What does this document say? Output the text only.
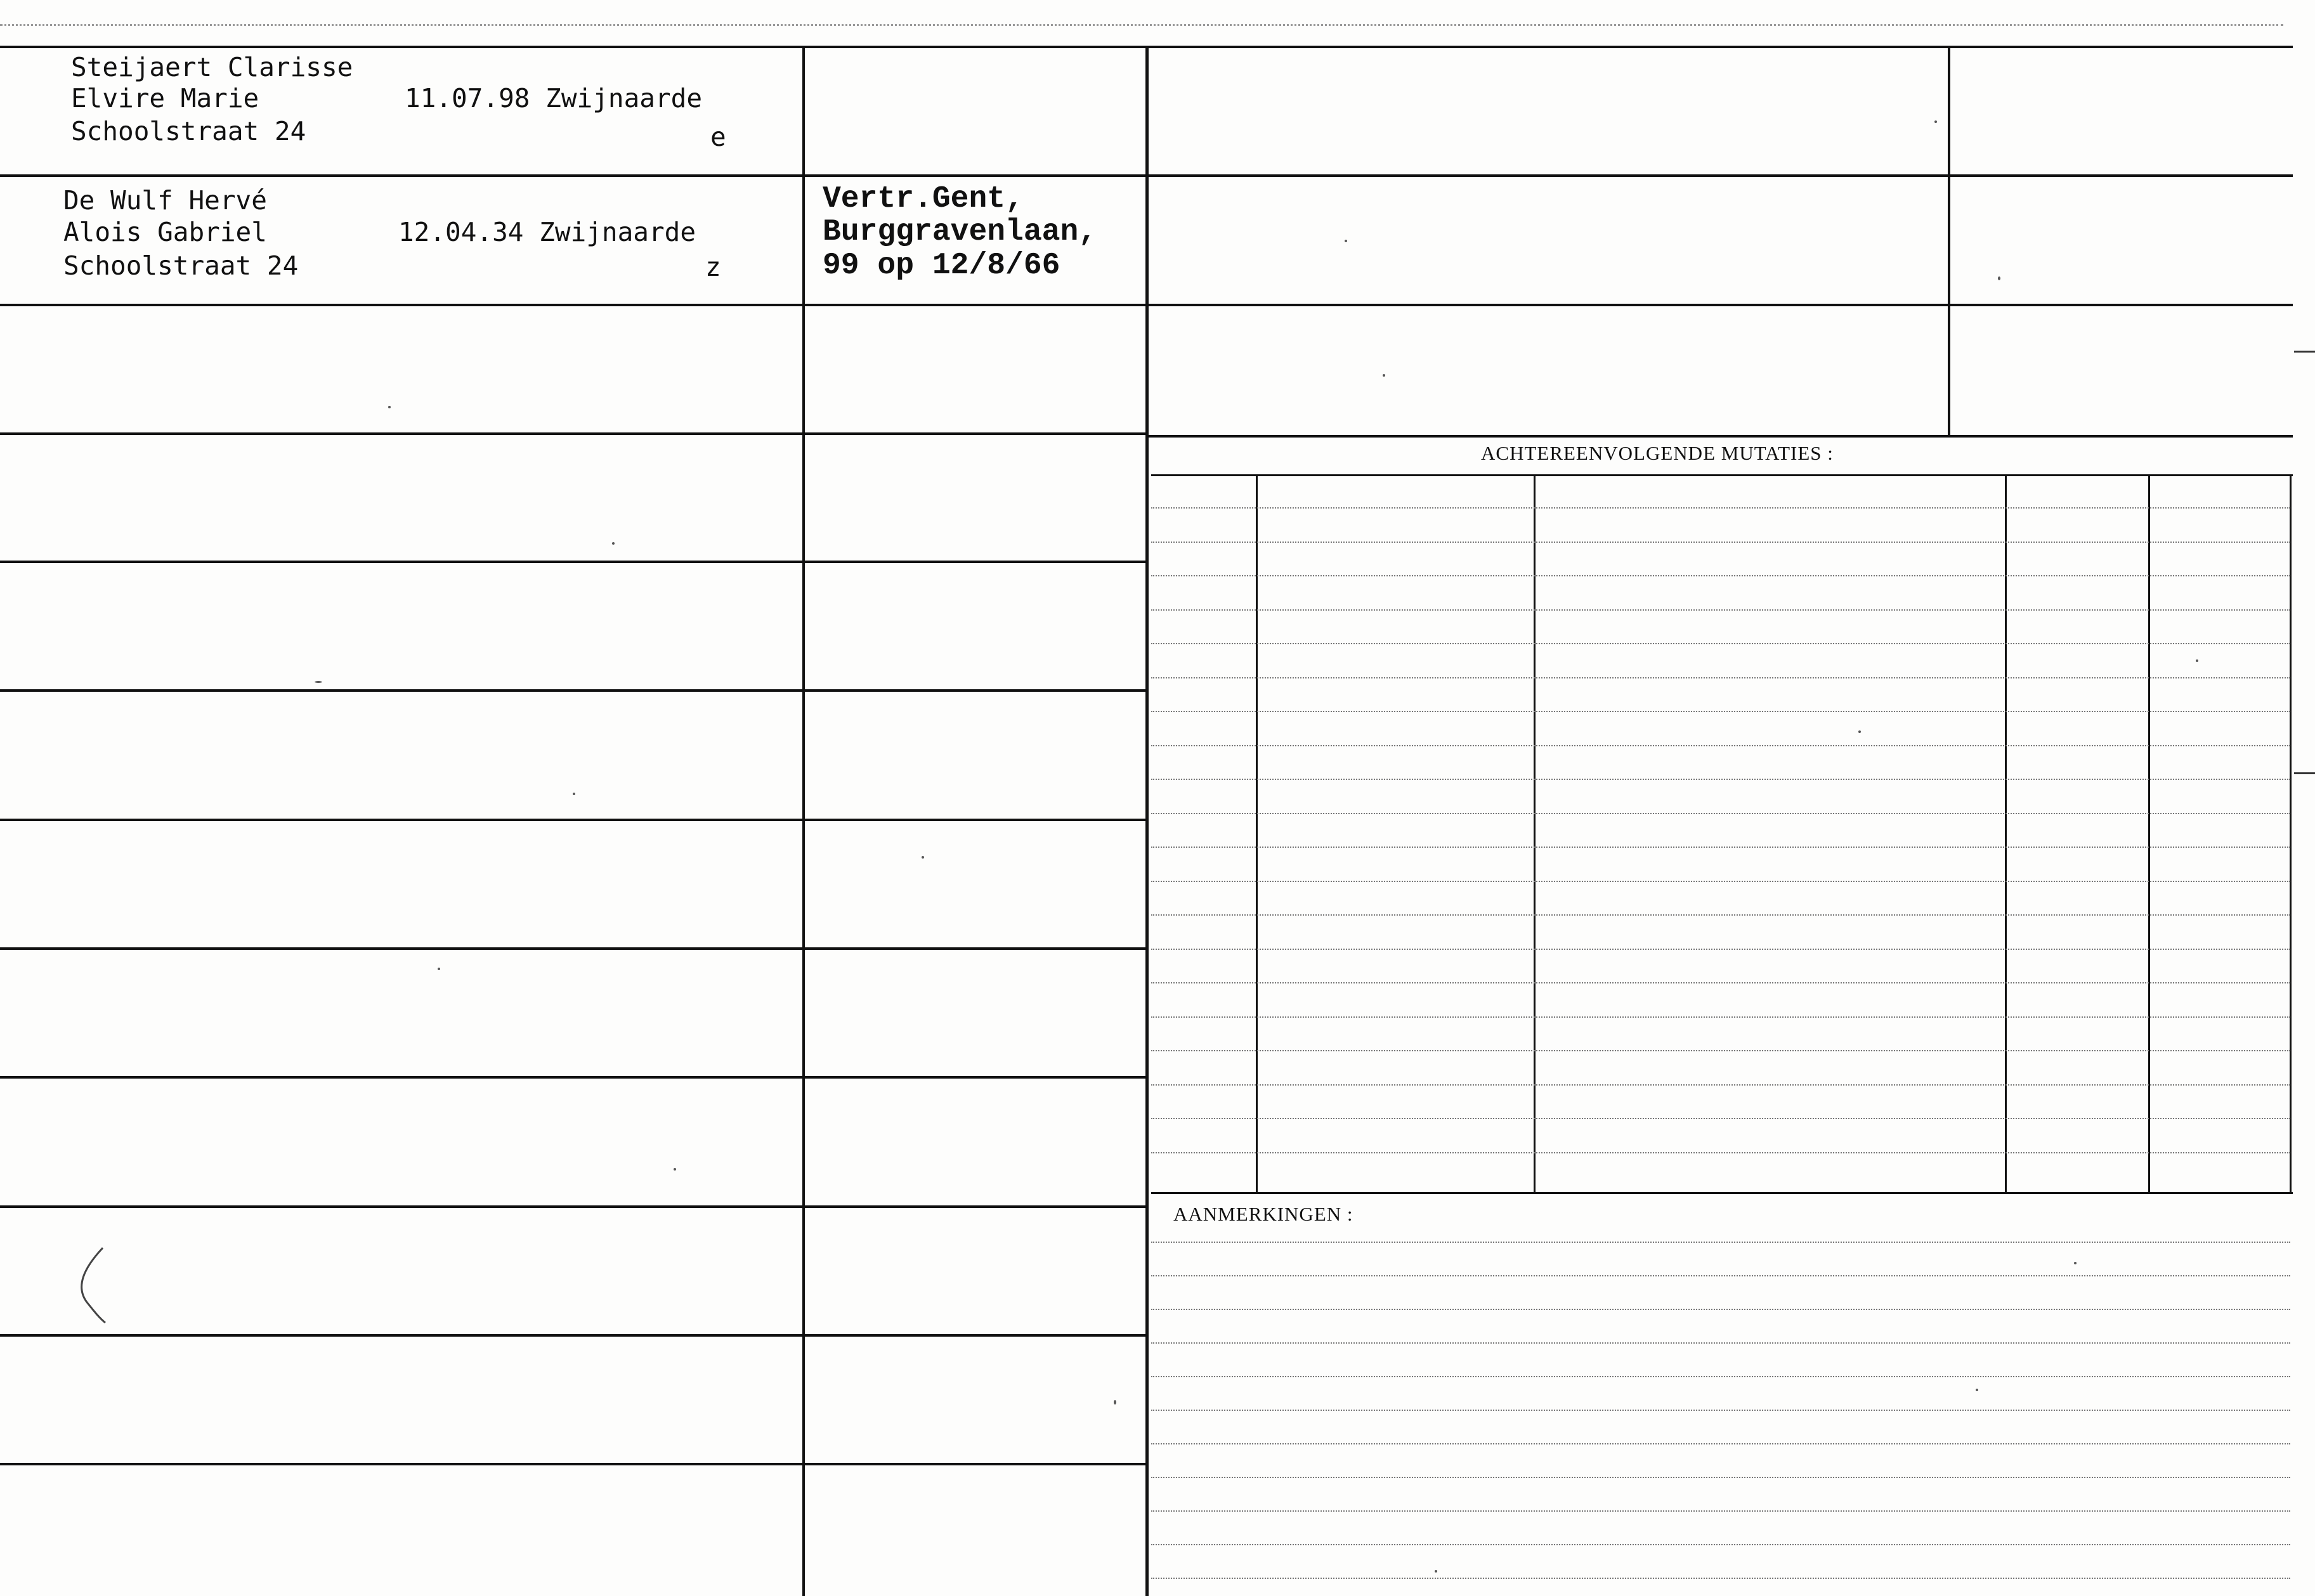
ACHTEREENVOLGENDE MUTATIES :
AANMERKINGEN :
Steijaert Clarisse
Elvire Marie
Schoolstraat 24
11.07.98 Zwijnaarde
e
De Wulf Hervé
Alois Gabriel
Schoolstraat 24
12.04.34 Zwijnaarde
z
Vertr.Gent,
Burggravenlaan,
99 op 12/8/66
